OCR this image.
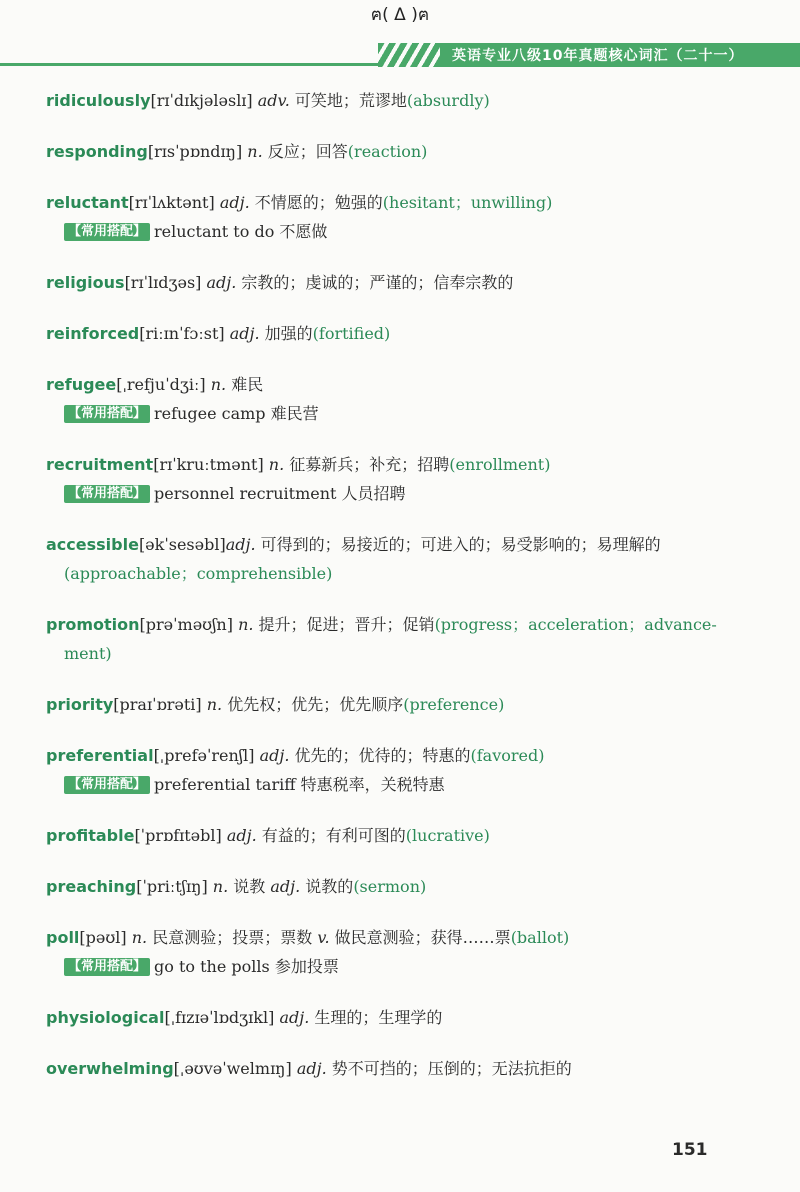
ฅ( Δ )ฅ
英语专业八级10年真题核心词汇（二十一）
ridiculously[rɪˈdɪkjələslɪ] adv. 可笑地；荒谬地(absurdly)
responding[rɪsˈpɒndɪŋ] n. 反应；回答(reaction)
reluctant[rɪˈlʌktənt] adj. 不情愿的；勉强的(hesitant；unwilling)
【常用搭配】 reluctant to do 不愿做
religious[rɪˈlɪdʒəs] adj. 宗教的；虔诚的；严谨的；信奉宗教的
reinforced[riːɪnˈfɔːst] adj. 加强的(fortified)
refugee[ˌrefjuˈdʒiː] n. 难民
【常用搭配】 refugee camp 难民营
recruitment[rɪˈkruːtmənt] n. 征募新兵；补充；招聘(enrollment)
【常用搭配】 personnel recruitment 人员招聘
accessible[əkˈsesəbl]adj. 可得到的；易接近的；可进入的；易受影响的；易理解的
(approachable；comprehensible)
promotion[prəˈməʊʃn] n. 提升；促进；晋升；促销(progress；acceleration；advance-
ment)
priority[praɪˈɒrəti] n. 优先权；优先；优先顺序(preference)
preferential[ˌprefəˈrenʃl] adj. 优先的；优待的；特惠的(favored)
【常用搭配】 preferential tariff 特惠税率，关税特惠
profitable[ˈprɒfɪtəbl] adj. 有益的；有利可图的(lucrative)
preaching[ˈpriːtʃɪŋ] n. 说教 adj. 说教的(sermon)
poll[pəʊl] n. 民意测验；投票；票数 v. 做民意测验；获得……票(ballot)
【常用搭配】 go to the polls 参加投票
physiological[ˌfɪzɪəˈlɒdʒɪkl] adj. 生理的；生理学的
overwhelming[ˌəʊvəˈwelmɪŋ] adj. 势不可挡的；压倒的；无法抗拒的
151
